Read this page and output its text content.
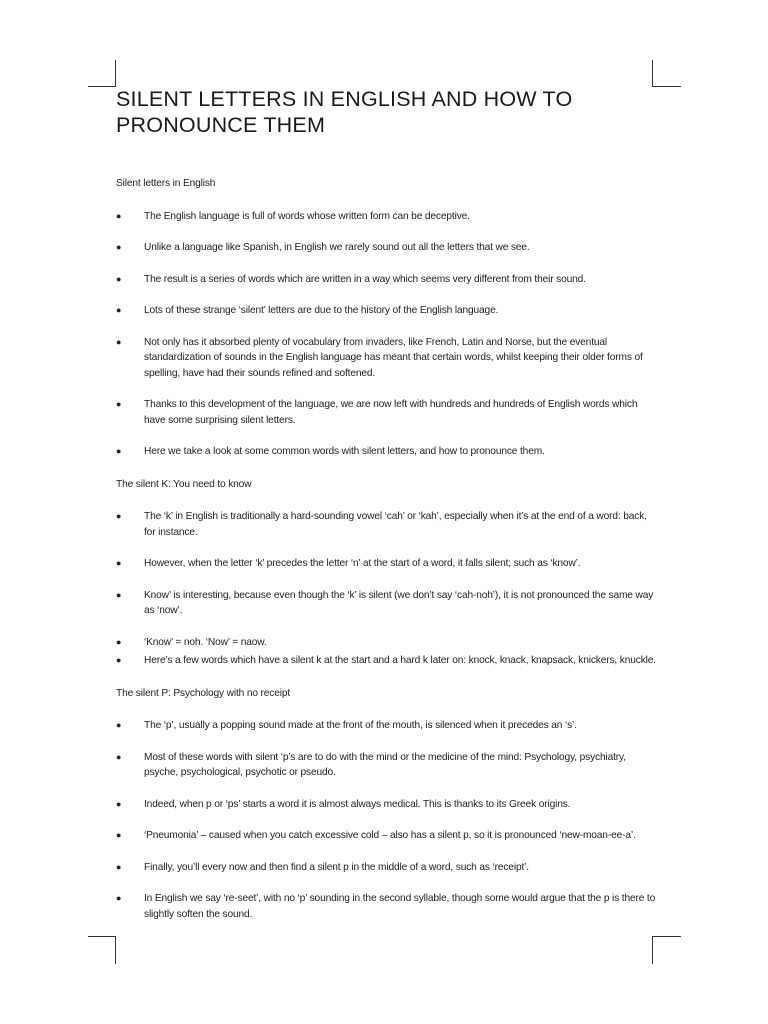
SILENT LETTERS IN ENGLISH AND HOW TO PRONOUNCE THEM

Silent letters in English

● The English language is full of words whose written form can be deceptive.
● Unlike a language like Spanish, in English we rarely sound out all the letters that we see.
● The result is a series of words which are written in a way which seems very different from their sound.
● Lots of these strange ‘silent’ letters are due to the history of the English language.
● Not only has it absorbed plenty of vocabulary from invaders, like French, Latin and Norse, but the eventual standardization of sounds in the English language has meant that certain words, whilst keeping their older forms of spelling, have had their sounds refined and softened.
● Thanks to this development of the language, we are now left with hundreds and hundreds of English words which have some surprising silent letters.
● Here we take a look at some common words with silent letters, and how to pronounce them.

The silent K: You need to know

● The ‘k’ in English is traditionally a hard-sounding vowel ‘cah’ or ‘kah’, especially when it’s at the end of a word: back, for instance.
● However, when the letter ‘k’ precedes the letter ‘n’ at the start of a word, it falls silent; such as ‘know’.
● Know’ is interesting, because even though the ‘k’ is silent (we don’t say ‘cah-noh’), it is not pronounced the same way as ‘now’.
● ‘Know’ = noh. ‘Now’ = naow.
● Here’s a few words which have a silent k at the start and a hard k later on: knock, knack, knapsack, knickers, knuckle.

The silent P: Psychology with no receipt

● The ‘p’, usually a popping sound made at the front of the mouth, is silenced when it precedes an ‘s’.
● Most of these words with silent ‘p’s are to do with the mind or the medicine of the mind: Psychology, psychiatry, psyche, psychological, psychotic or pseudo.
● Indeed, when p or ‘ps’ starts a word it is almost always medical. This is thanks to its Greek origins.
● ‘Pneumonia’ – caused when you catch excessive cold – also has a silent p, so it is pronounced ‘new-moan-ee-a’.
● Finally, you’ll every now and then find a silent p in the middle of a word, such as ‘receipt’.
● In English we say ‘re-seet’, with no ‘p’ sounding in the second syllable, though some would argue that the p is there to slightly soften the sound.
